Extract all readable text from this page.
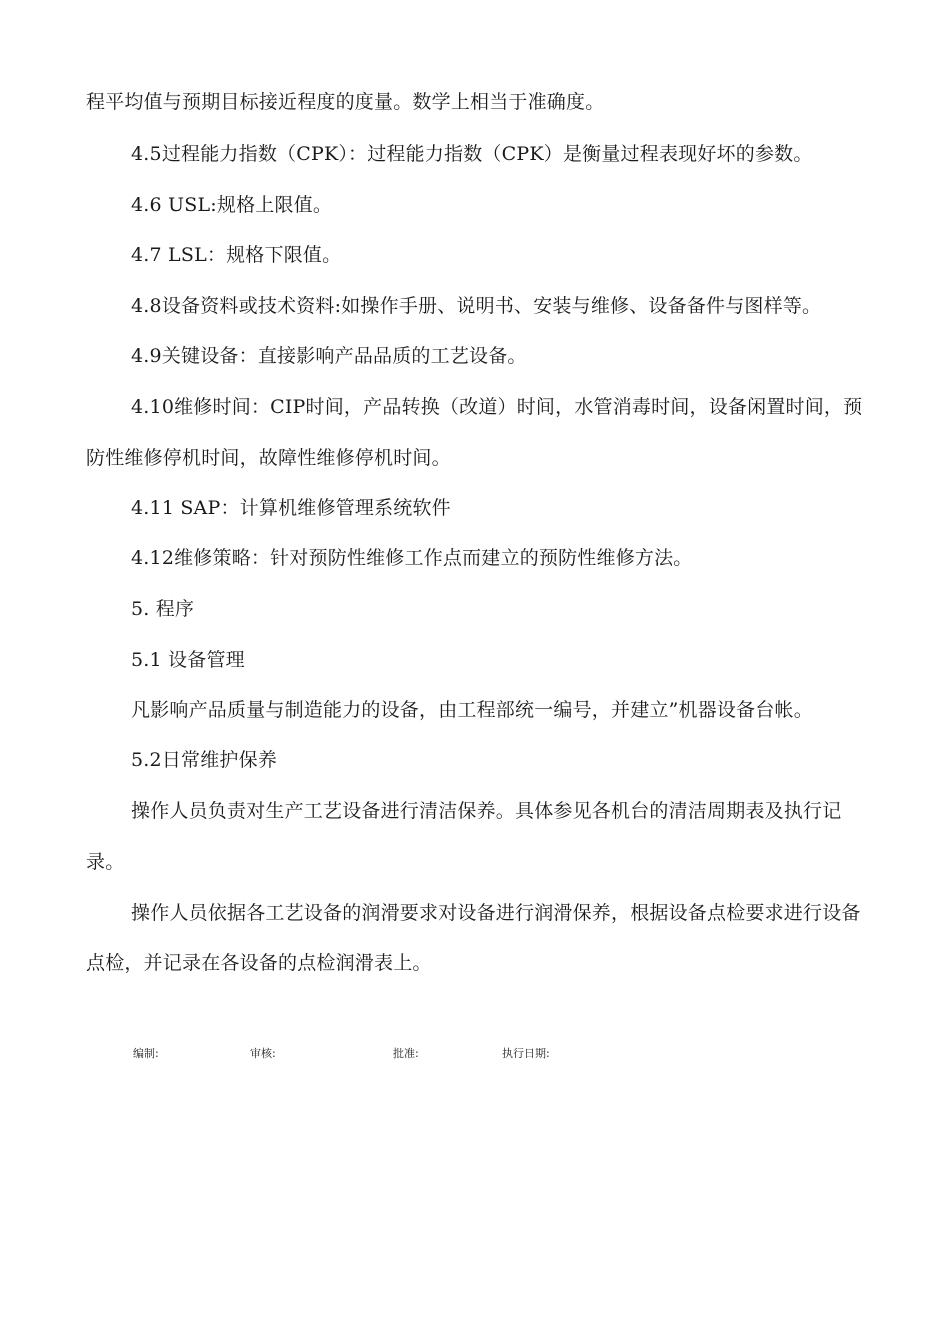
程平均值与预期目标接近程度的度量。数学上相当于准确度。
4.5过程能力指数（CPK）：过程能力指数（CPK）是衡量过程表现好坏的参数。
4.6 USL:规格上限值。
4.7 LSL：规格下限值。
4.8设备资料或技术资料:如操作手册、说明书、安装与维修、设备备件与图样等。
4.9关键设备：直接影响产品品质的工艺设备。
4.10维修时间：CIP时间，产品转换（改道）时间，水管消毒时间，设备闲置时间，预
防性维修停机时间，故障性维修停机时间。
4.11 SAP：计算机维修管理系统软件
4.12维修策略：针对预防性维修工作点而建立的预防性维修方法。
5. 程序
5.1 设备管理
凡影响产品质量与制造能力的设备，由工程部统一编号，并建立”机器设备台帐。
5.2日常维护保养
操作人员负责对生产工艺设备进行清洁保养。具体参见各机台的清洁周期表及执行记
录。
操作人员依据各工艺设备的润滑要求对设备进行润滑保养，根据设备点检要求进行设备
点检，并记录在各设备的点检润滑表上。
编制:	审核:	批准:	执行日期:
